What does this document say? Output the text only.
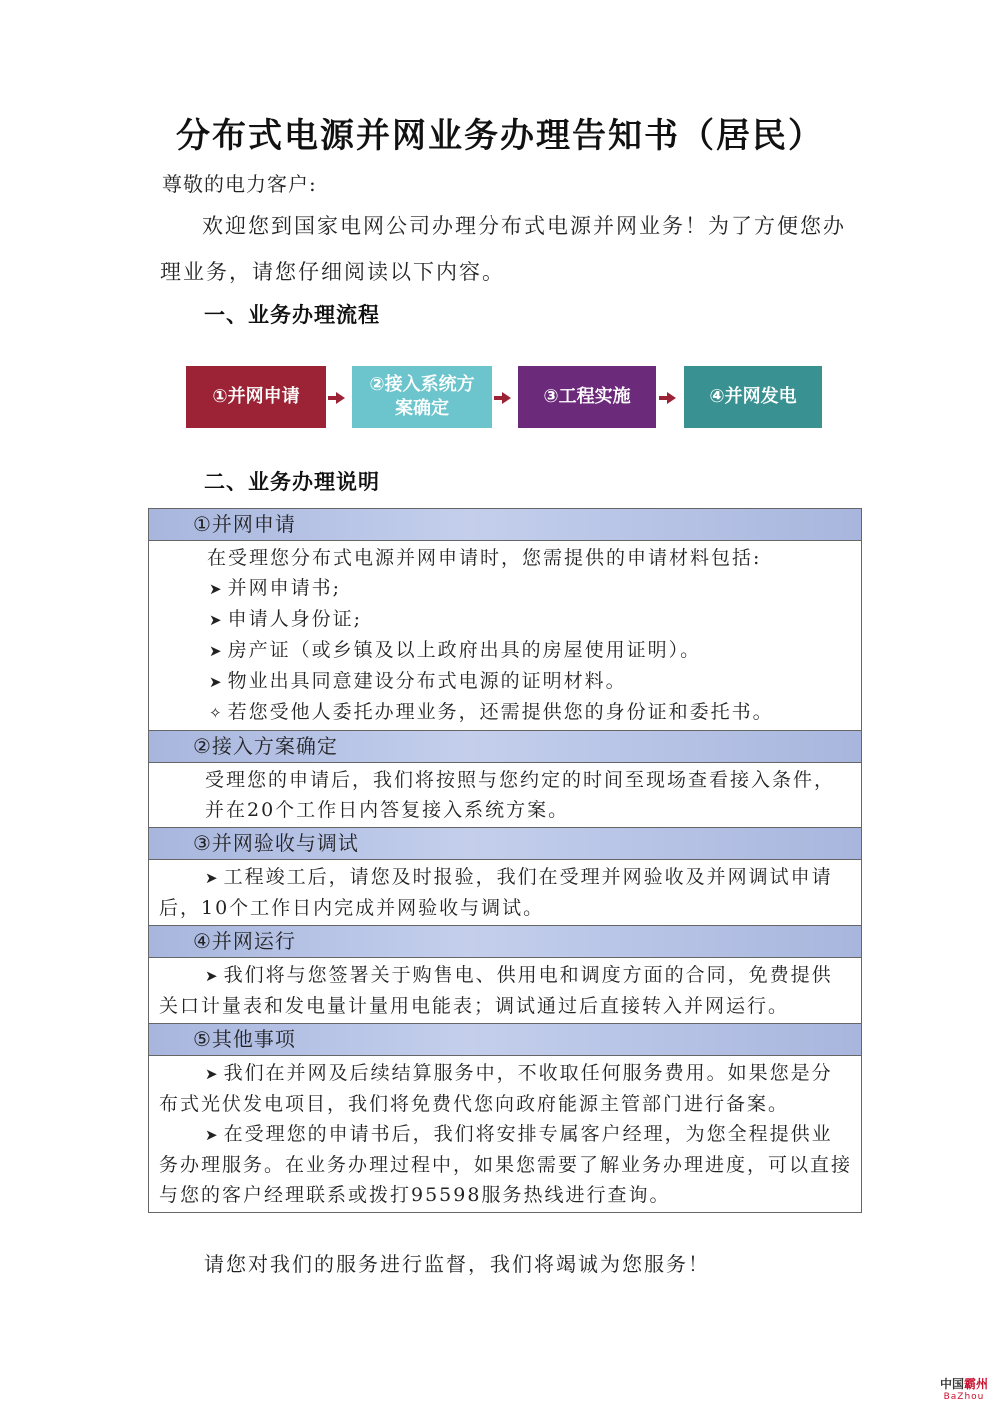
分布式电源并网业务办理告知书（居民）
尊敬的电力客户:
欢迎您到国家电网公司办理分布式电源并网业务！为了方便您办理业务，请您仔细阅读以下内容。
一、业务办理流程
①并网申请
②接入系统方案确定
③工程实施	④并网发电
二、业务办理说明
①并网申请
在受理您分布式电源并网申请时，您需提供的申请材料包括:
➤ 并网申请书;
➤ 申请人身份证;
➤ 房产证（或乡镇及以上政府出具的房屋使用证明）。
➤ 物业出具同意建设分布式电源的证明材料。
✧ 若您受他人委托办理业务，还需提供您的身份证和委托书。
②接入方案确定
受理您的申请后，我们将按照与您约定的时间至现场查看接入条件，并在20个工作日内答复接入系统方案。
③并网验收与调试
➤ 工程竣工后，请您及时报验，我们在受理并网验收及并网调试申请后，10个工作日内完成并网验收与调试。
④并网运行
➤ 我们将与您签署关于购售电、供用电和调度方面的合同，免费提供关口计量表和发电量计量用电能表；调试通过后直接转入并网运行。
⑤其他事项
➤ 我们在并网及后续结算服务中，不收取任何服务费用。如果您是分布式光伏发电项目，我们将免费代您向政府能源主管部门进行备案。
➤ 在受理您的申请书后，我们将安排专属客户经理，为您全程提供业务办理服务。在业务办理过程中，如果您需要了解业务办理进度，可以直接与您的客户经理联系或拨打95598服务热线进行查询。
请您对我们的服务进行监督，我们将竭诚为您服务！
中国霸州
BaZhou
